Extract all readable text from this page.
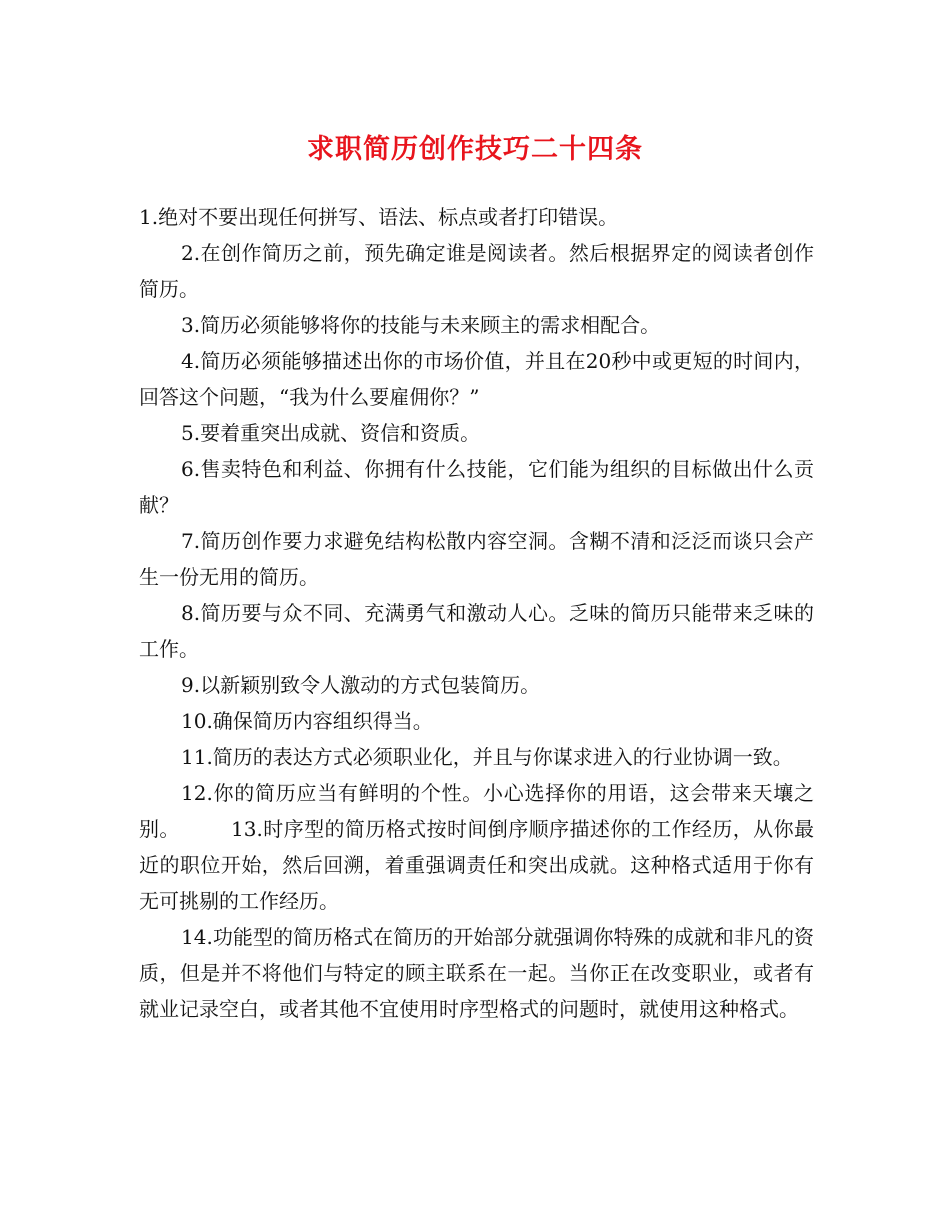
求职简历创作技巧二十四条

1.绝对不要出现任何拼写、语法、标点或者打印错误。

2.在创作简历之前，预先确定谁是阅读者。然后根据界定的阅读者创作简历。

3.简历必须能够将你的技能与未来顾主的需求相配合。

4.简历必须能够描述出你的市场价值，并且在20秒中或更短的时间内，回答这个问题，“我为什么要雇佣你？”

5.要着重突出成就、资信和资质。

6.售卖特色和利益、你拥有什么技能，它们能为组织的目标做出什么贡献？

7.简历创作要力求避免结构松散内容空洞。含糊不清和泛泛而谈只会产生一份无用的简历。

8.简历要与众不同、充满勇气和激动人心。乏味的简历只能带来乏味的工作。

9.以新颖别致令人激动的方式包装简历。

10.确保简历内容组织得当。

11.简历的表达方式必须职业化，并且与你谋求进入的行业协调一致。

12.你的简历应当有鲜明的个性。小心选择你的用语，这会带来天壤之别。　　　13.时序型的简历格式按时间倒序顺序描述你的工作经历，从你最近的职位开始，然后回溯，着重强调责任和突出成就。这种格式适用于你有无可挑剔的工作经历。

14.功能型的简历格式在简历的开始部分就强调你特殊的成就和非凡的资质，但是并不将他们与特定的顾主联系在一起。当你正在改变职业，或者有就业记录空白，或者其他不宜使用时序型格式的问题时，就使用这种格式。
